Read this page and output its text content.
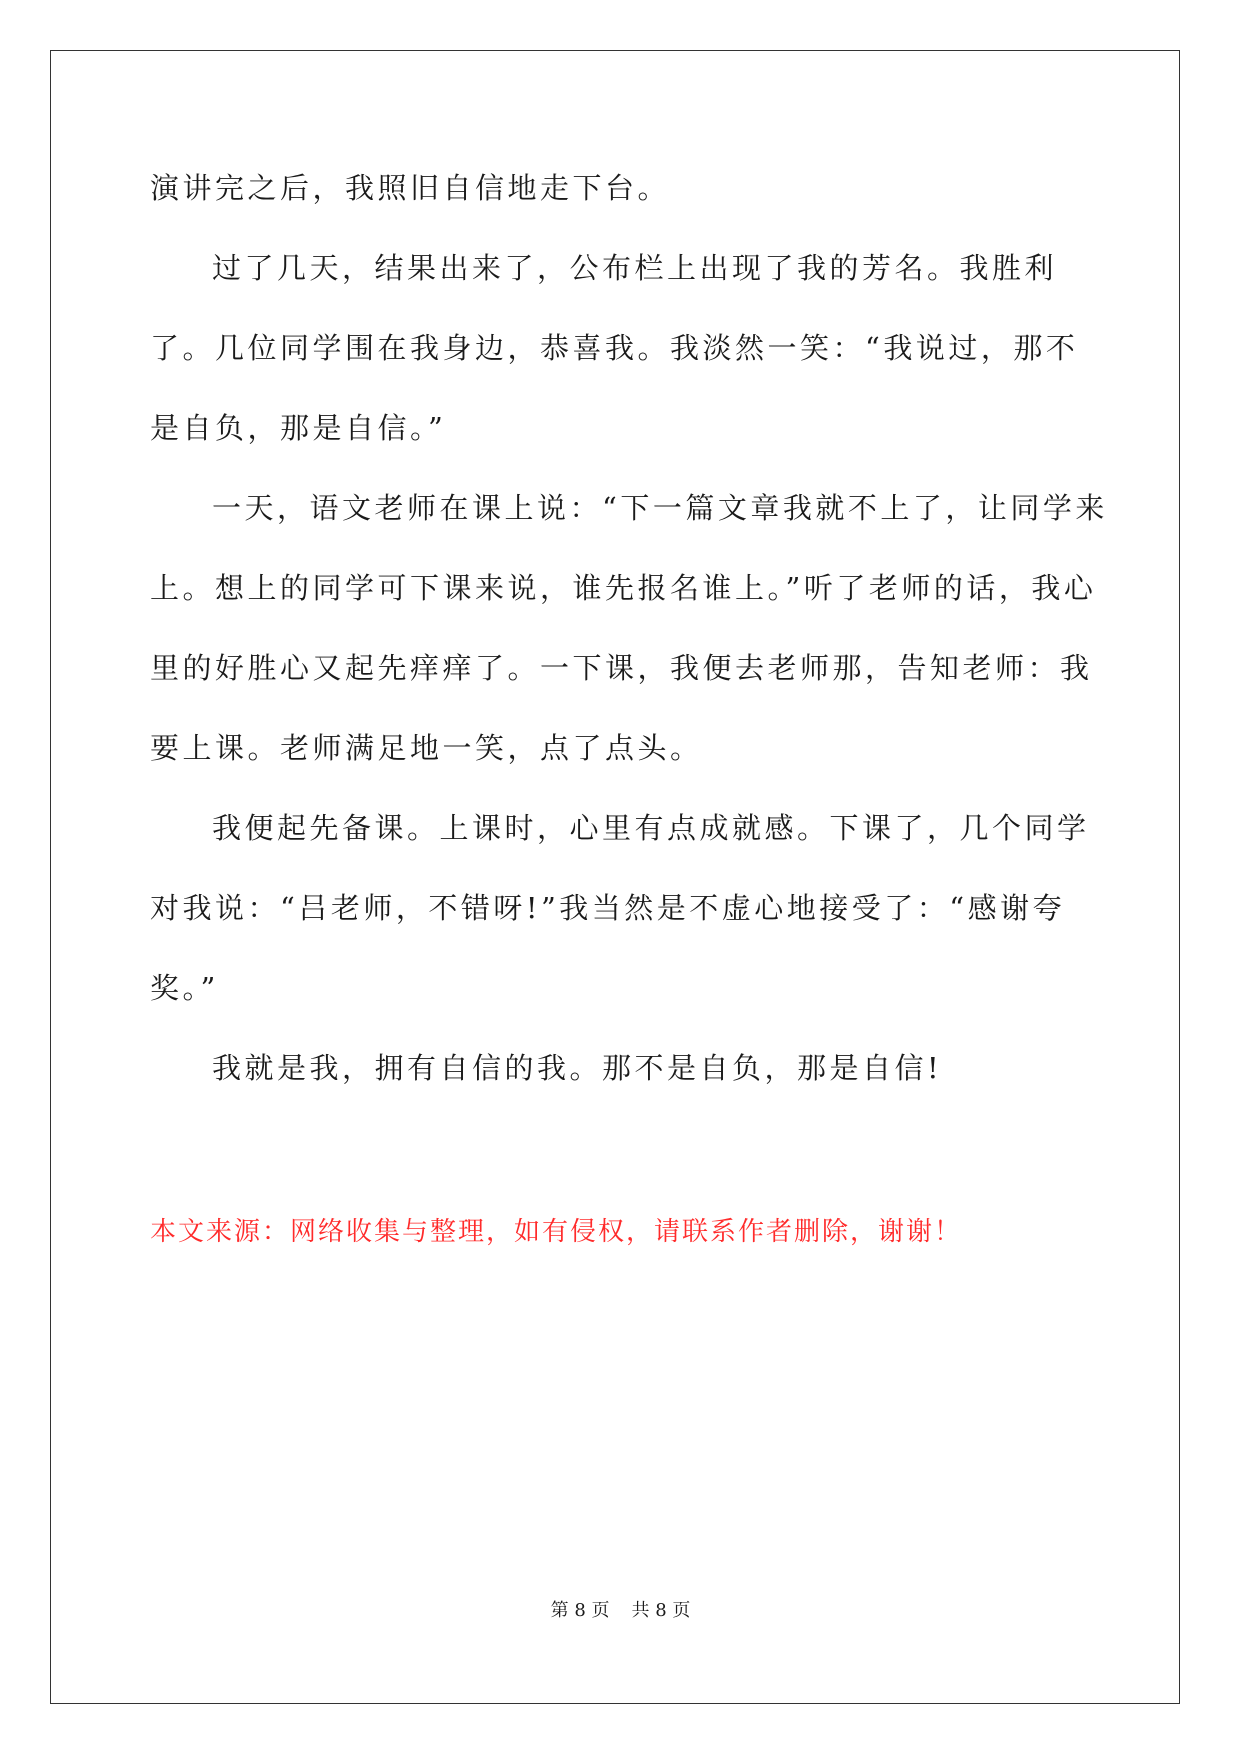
演讲完之后，我照旧自信地走下台。

过了几天，结果出来了，公布栏上出现了我的芳名。我胜利了。几位同学围在我身边，恭喜我。我淡然一笑：“我说过，那不是自负，那是自信。”

一天，语文老师在课上说：“下一篇文章我就不上了，让同学来上。想上的同学可下课来说，谁先报名谁上。”听了老师的话，我心里的好胜心又起先痒痒了。一下课，我便去老师那，告知老师：我要上课。老师满足地一笑，点了点头。

我便起先备课。上课时，心里有点成就感。下课了，几个同学对我说：“吕老师，不错呀!”我当然是不虚心地接受了：“感谢夸奖。”

我就是我，拥有自信的我。那不是自负，那是自信!

本文来源：网络收集与整理，如有侵权，请联系作者删除，谢谢！

第 8 页 共 8 页
